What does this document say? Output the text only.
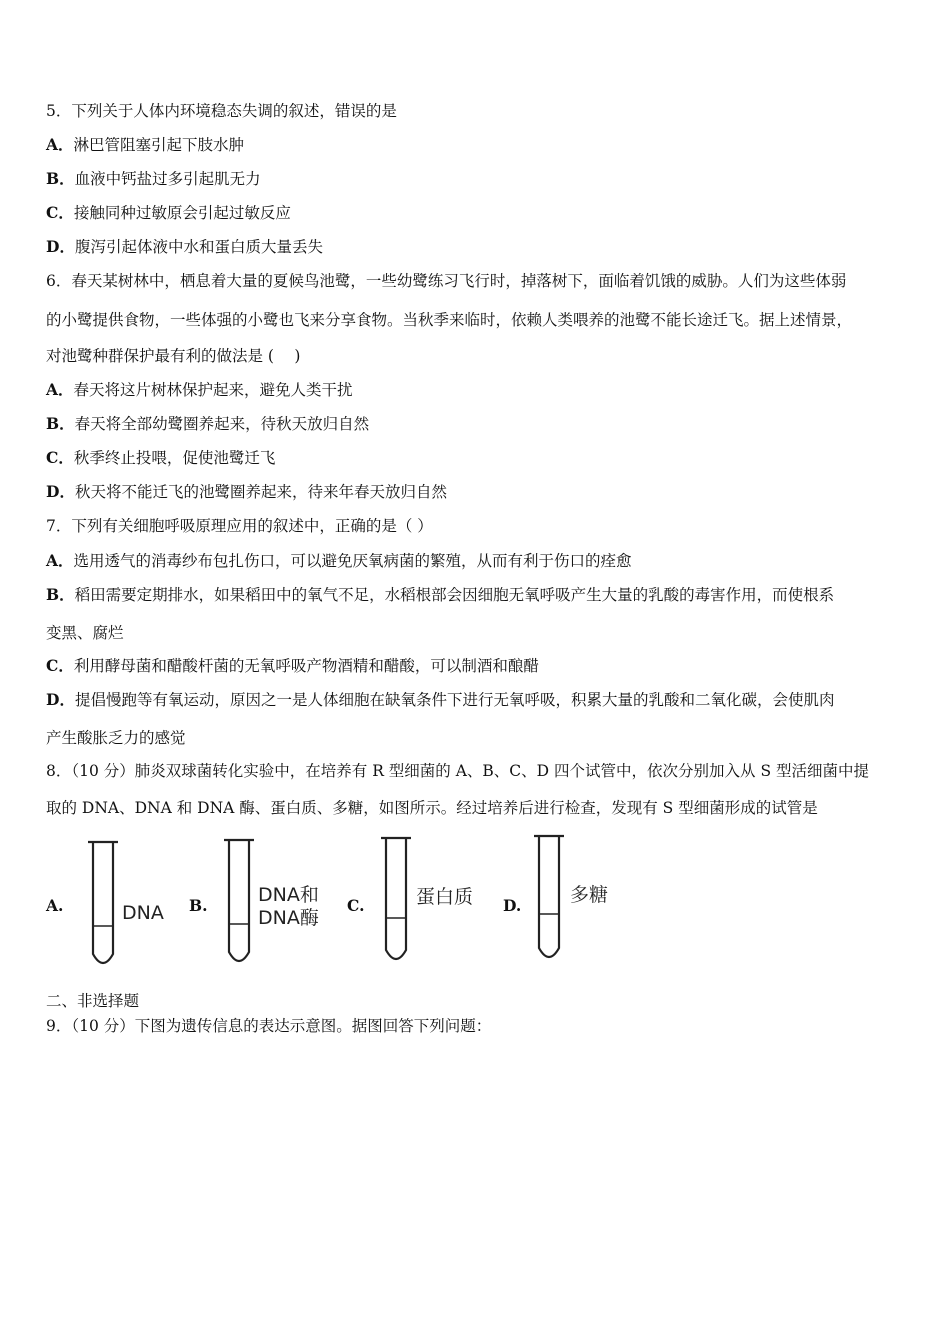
5．下列关于人体内环境稳态失调的叙述，错误的是
A．淋巴管阻塞引起下肢水肿
B．血液中钙盐过多引起肌无力
C．接触同种过敏原会引起过敏反应
D．腹泻引起体液中水和蛋白质大量丢失
6．春天某树林中，栖息着大量的夏候鸟池鹭，一些幼鹭练习飞行时，掉落树下，面临着饥饿的威胁。人们为这些体弱
的小鹭提供食物，一些体强的小鹭也飞来分享食物。当秋季来临时，依赖人类喂养的池鹭不能长途迁飞。据上述情景，
对池鹭种群保护最有利的做法是 (　 )
A．春天将这片树林保护起来，避免人类干扰
B．春天将全部幼鹭圈养起来，待秋天放归自然
C．秋季终止投喂，促使池鹭迁飞
D．秋天将不能迁飞的池鹭圈养起来，待来年春天放归自然
7．下列有关细胞呼吸原理应用的叙述中，正确的是（ ）
A．选用透气的消毒纱布包扎伤口，可以避免厌氧病菌的繁殖，从而有利于伤口的痊愈
B．稻田需要定期排水，如果稻田中的氧气不足，水稻根部会因细胞无氧呼吸产生大量的乳酸的毒害作用，而使根系
变黑、腐烂
C．利用酵母菌和醋酸杆菌的无氧呼吸产物酒精和醋酸，可以制酒和酿醋
D．提倡慢跑等有氧运动，原因之一是人体细胞在缺氧条件下进行无氧呼吸，积累大量的乳酸和二氧化碳，会使肌肉
产生酸胀乏力的感觉
8．（10 分）肺炎双球菌转化实验中，在培养有 R 型细菌的 A、B、C、D 四个试管中，依次分别加入从 S 型活细菌中提
取的 DNA、DNA 和 DNA 酶、蛋白质、多糖，如图所示。经过培养后进行检查，发现有 S 型细菌形成的试管是
A.	DNA B.	DNA和
DNA酶
C.	蛋白质 D.	多糖
二、非选择题
9．（10 分）下图为遗传信息的表达示意图。据图回答下列问题：
